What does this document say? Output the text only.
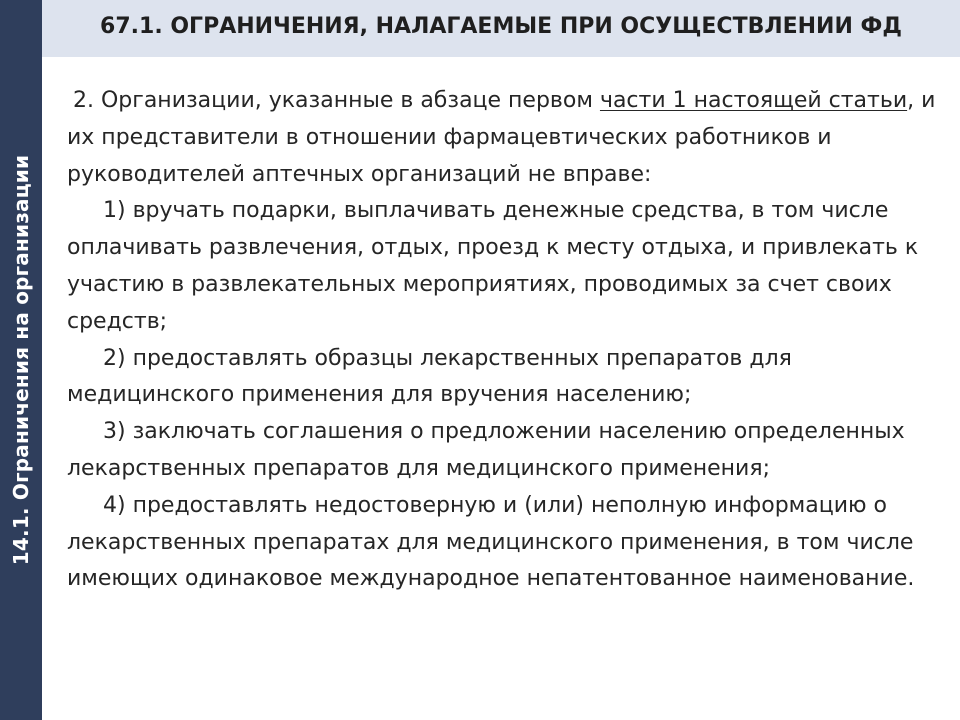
14.1. Ограничения на организации
67.1. ОГРАНИЧЕНИЯ, НАЛАГАЕМЫЕ ПРИ ОСУЩЕСТВЛЕНИИ ФД

2. Организации, указанные в абзаце первом части 1 настоящей статьи, и их представители в отношении фармацевтических работников и руководителей аптечных организаций не вправе:

1) вручать подарки, выплачивать денежные средства, в том числе оплачивать развлечения, отдых, проезд к месту отдыха, и привлекать к участию в развлекательных мероприятиях, проводимых за счет своих средств;

2) предоставлять образцы лекарственных препаратов для медицинского применения для вручения населению;

3) заключать соглашения о предложении населению определенных лекарственных препаратов для медицинского применения;

4) предоставлять недостоверную и (или) неполную информацию о лекарственных препаратах для медицинского применения, в том числе имеющих одинаковое международное непатентованное наименование.
